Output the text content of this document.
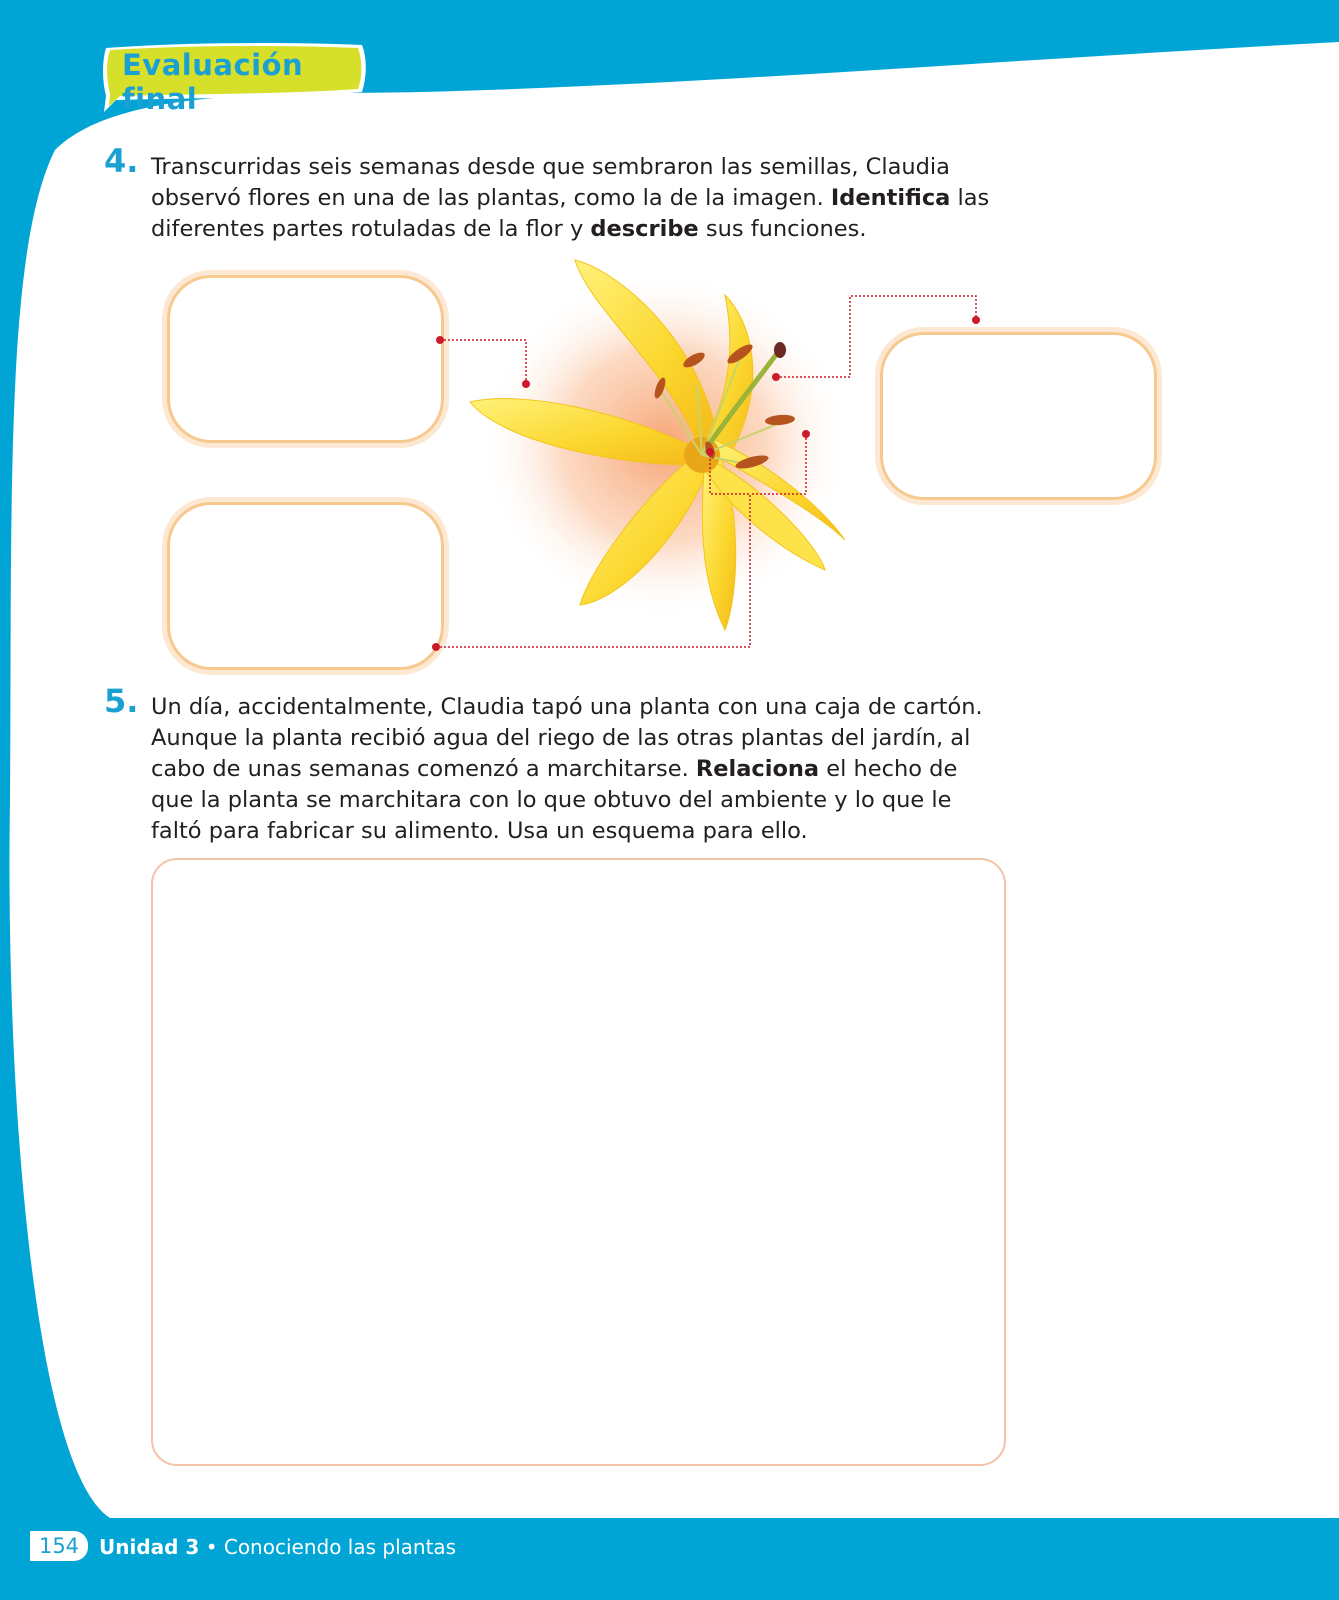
Evaluación final
4. Transcurridas seis semanas desde que sembraron las semillas, Claudia observó flores en una de las plantas, como la de la imagen. Identifica las diferentes partes rotuladas de la flor y describe sus funciones.

5. Un día, accidentalmente, Claudia tapó una planta con una caja de cartón. Aunque la planta recibió agua del riego de las otras plantas del jardín, al cabo de unas semanas comenzó a marchitarse. Relaciona el hecho de que la planta se marchitara con lo que obtuvo del ambiente y lo que le faltó para fabricar su alimento. Usa un esquema para ello.

154 Unidad 3 • Conociendo las plantas
